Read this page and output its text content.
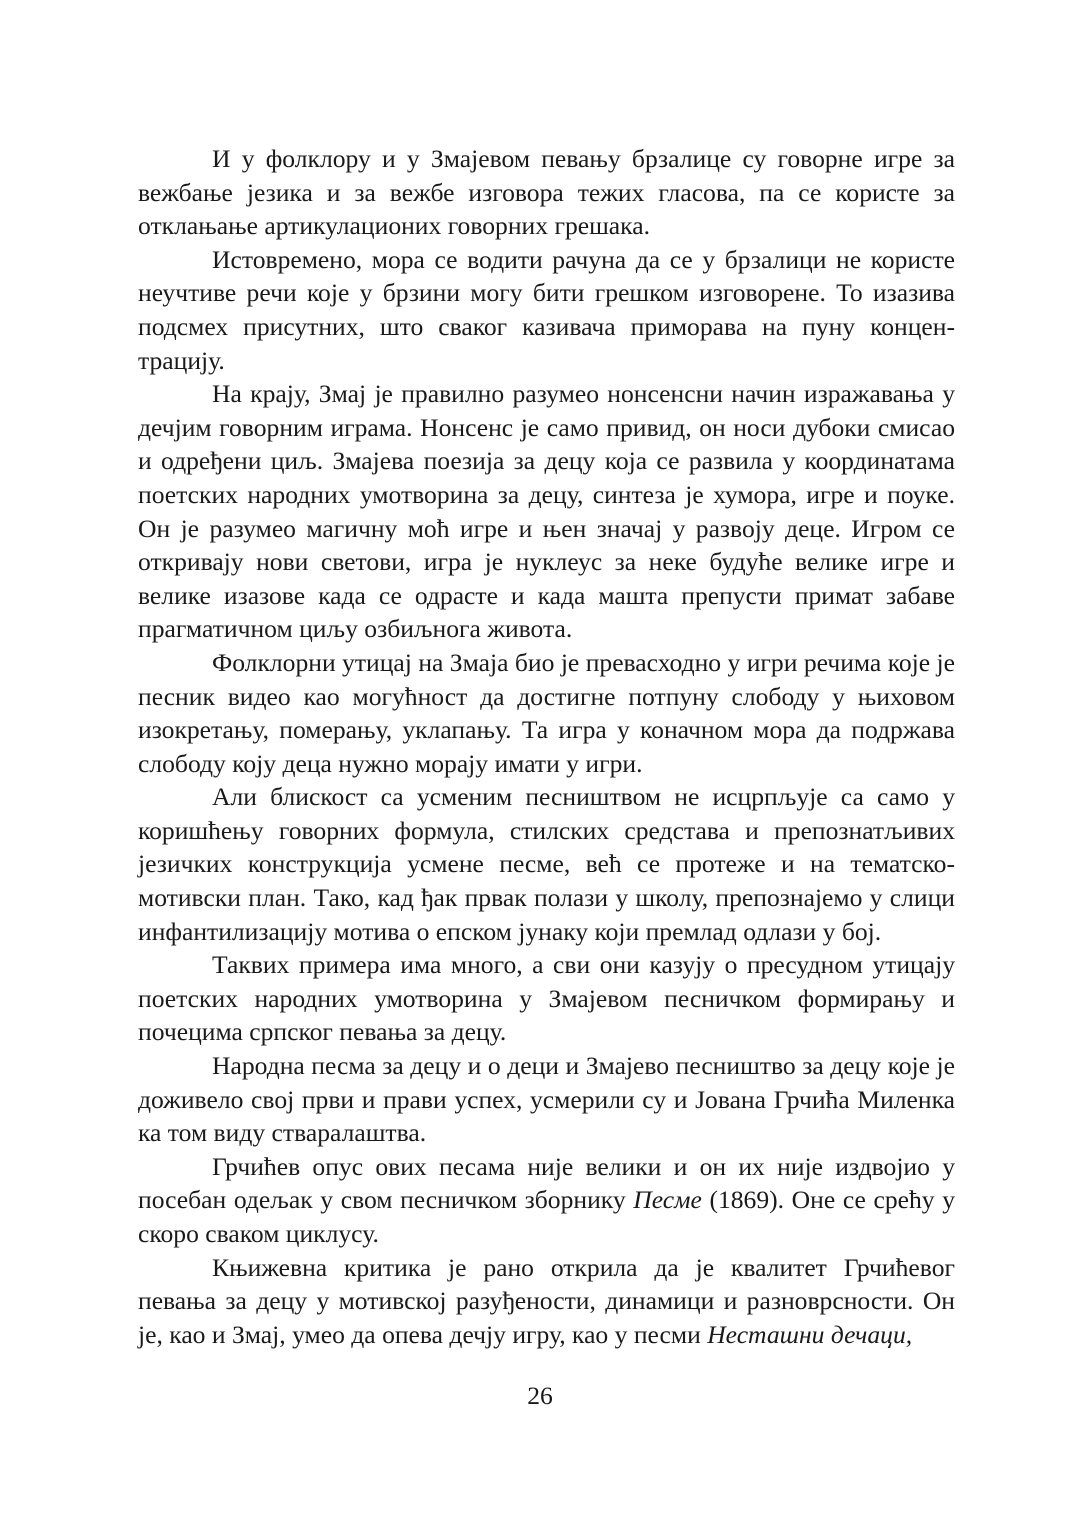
И у фолклору и у Змајевом певању брзалице су говорне игре за вежбање језика и за вежбе изговора тежих гласова, па се користе за отклањање артикулационих говорних грешака.

Истовремено, мора се водити рачуна да се у брзалици не користе неучтиве речи које у брзини могу бити грешком изговорене. То изазива подсмех присутних, што сваког казивача приморава на пуну концентрацију.

На крају, Змај је правилно разумео нонсенсни начин изражавања у дечјим говорним играма. Нонсенс је само привид, он носи дубоки смисао и одређени циљ. Змајева поезија за децу која се развила у координатама поетских народних умотворина за децу, синтеза је хумора, игре и поуке. Он је разумео магичну моћ игре и њен значај у развоју деце. Игром се откривају нови светови, игра је нуклеус за неке будуће велике игре и велике изазове када се одрасте и када машта препусти примат забаве прагматичном циљу озбиљнога живота.

Фолклорни утицај на Змаја био је превасходно у игри речима које је песник видео као могућност да достигне потпуну слободу у њиховом изокретању, померању, уклапању. Та игра у коначном мора да подржава слободу коју деца нужно морају имати у игри.

Али блискост са усменим песништвом не исцрпљује са само у коришћењу говорних формула, стилских средстава и препознатљивих језичких конструкција усмене песме, већ се протеже и на тематско-мотивски план. Тако, кад ђак првак полази у школу, препознајемо у слици инфантилизацију мотива о епском јунаку који премлад одлази у бој.

Таквих примера има много, а сви они казују о пресудном утицају поетских народних умотворина у Змајевом песничком формирању и почецима српског певања за децу.

Народна песма за децу и о деци и Змајево песништво за децу које је доживело свој први и прави успех, усмерили су и Јована Грчића Миленка ка том виду стваралаштва.

Грчићев опус ових песама није велики и он их није издвојио у посебан одељак у свом песничком зборнику Песме (1869). Оне се срећу у скоро сваком циклусу.

Књижевна критика је рано открила да је квалитет Грчићевог певања за децу у мотивској разуђености, динамици и разноврсности. Он је, као и Змај, умео да опева дечју игру, као у песми Несташни дечаци,

26
